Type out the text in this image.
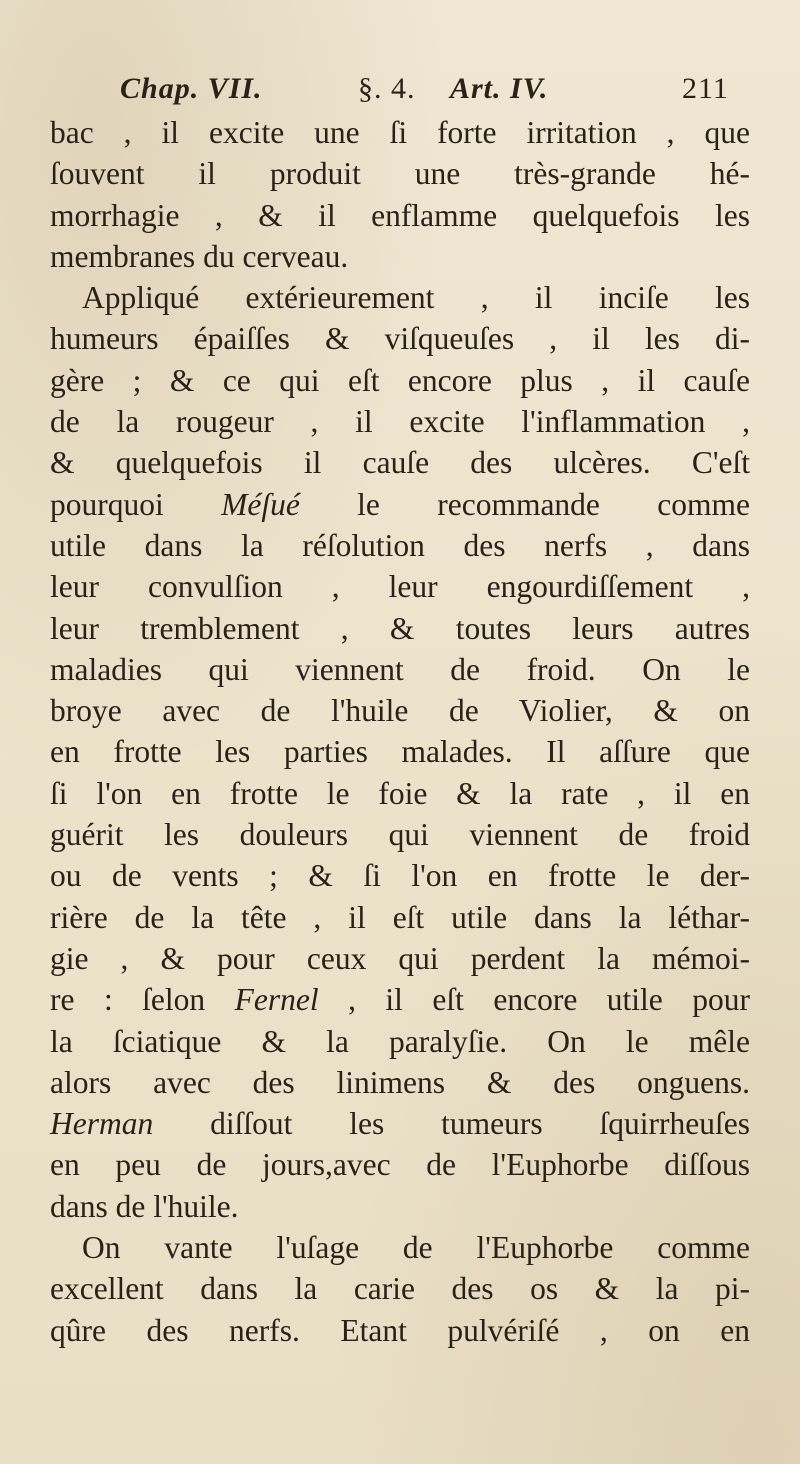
Chap. VII.	§. 4. Art. IV.	211
bac , il excite une ſi forte irritation , que
ſouvent il produit une très-grande hé-
morrhagie , & il enflamme quelquefois les
membranes du cerveau.
Appliqué extérieurement , il inciſe les
humeurs épaiſſes & viſqueuſes , il les di-
gère ; & ce qui eſt encore plus , il cauſe
de la rougeur , il excite l'inflammation ,
& quelquefois il cauſe des ulcères. C'eſt
pourquoi Méſué le recommande comme
utile dans la réſolution des nerfs , dans
leur convulſion , leur engourdiſſement ,
leur tremblement , & toutes leurs autres
maladies qui viennent de froid. On le
broye avec de l'huile de Violier, & on
en frotte les parties malades. Il aſſure que
ſi l'on en frotte le foie & la rate , il en
guérit les douleurs qui viennent de froid
ou de vents ; & ſi l'on en frotte le der-
rière de la tête , il eſt utile dans la léthar-
gie , & pour ceux qui perdent la mémoi-
re : ſelon Fernel , il eſt encore utile pour
la ſciatique & la paralyſie. On le mêle
alors avec des linimens & des onguens.
Herman diſſout les tumeurs ſquirrheuſes
en peu de jours,avec de l'Euphorbe diſſous
dans de l'huile.
On vante l'uſage de l'Euphorbe comme
excellent dans la carie des os & la pi-
qûre des nerfs. Etant pulvériſé , on en
